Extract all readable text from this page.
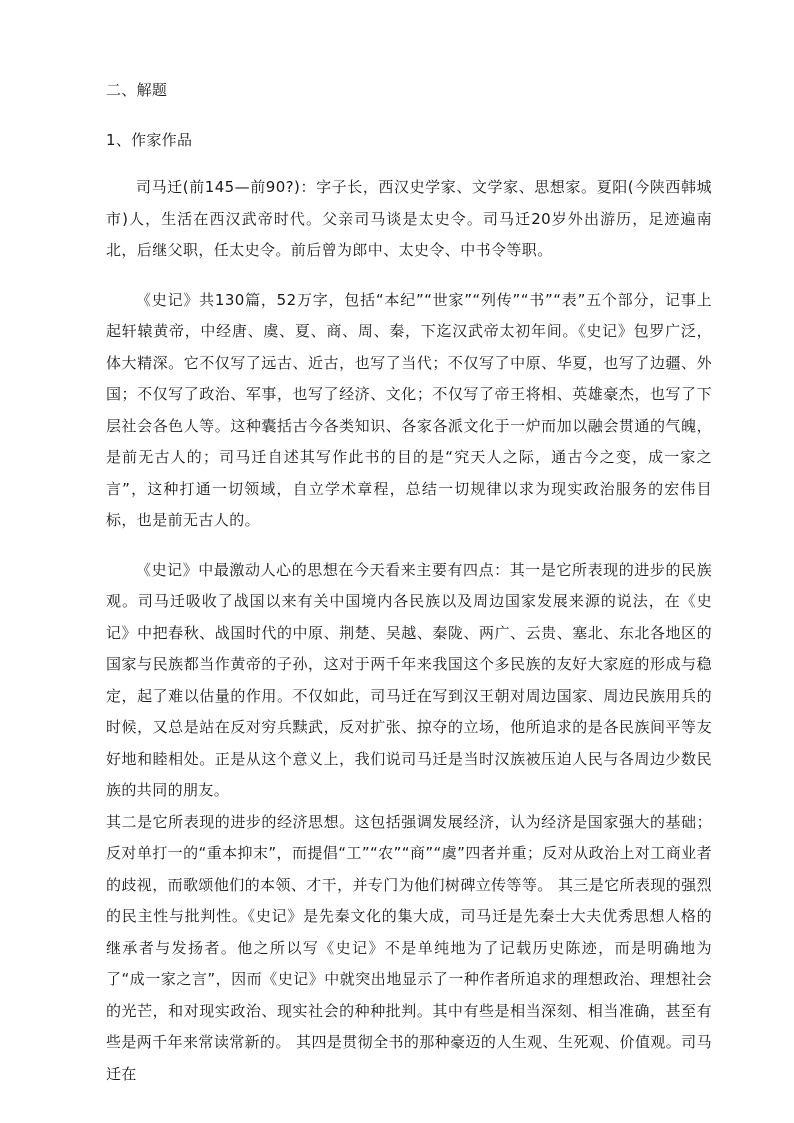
二、解题

1、作家作品

司马迁(前145—前90?)：字子长，西汉史学家、文学家、思想家。夏阳(今陕西韩城市)人，生活在西汉武帝时代。父亲司马谈是太史令。司马迁20岁外出游历，足迹遍南北，后继父职，任太史令。前后曾为郎中、太史令、中书令等职。

《史记》共130篇，52万字，包括“本纪”“世家”“列传”“书”“表”五个部分，记事上起轩辕黄帝，中经唐、虞、夏、商、周、秦，下迄汉武帝太初年间。《史记》包罗广泛，体大精深。它不仅写了远古、近古，也写了当代；不仅写了中原、华夏，也写了边疆、外国；不仅写了政治、军事，也写了经济、文化；不仅写了帝王将相、英雄豪杰，也写了下层社会各色人等。这种囊括古今各类知识、各家各派文化于一炉而加以融会贯通的气魄，是前无古人的；司马迁自述其写作此书的目的是“究天人之际，通古今之变，成一家之言”，这种打通一切领域，自立学术章程，总结一切规律以求为现实政治服务的宏伟目标，也是前无古人的。

《史记》中最激动人心的思想在今天看来主要有四点：其一是它所表现的进步的民族观。司马迁吸收了战国以来有关中国境内各民族以及周边国家发展来源的说法，在《史记》中把春秋、战国时代的中原、荆楚、吴越、秦陇、两广、云贵、塞北、东北各地区的国家与民族都当作黄帝的子孙，这对于两千年来我国这个多民族的友好大家庭的形成与稳定，起了难以估量的作用。不仅如此，司马迁在写到汉王朝对周边国家、周边民族用兵的时候，又总是站在反对穷兵黩武，反对扩张、掠夺的立场，他所追求的是各民族间平等友好地和睦相处。正是从这个意义上，我们说司马迁是当时汉族被压迫人民与各周边少数民族的共同的朋友。

其二是它所表现的进步的经济思想。这包括强调发展经济，认为经济是国家强大的基础；反对单打一的“重本抑末”，而提倡“工”“农”“商”“虞”四者并重；反对从政治上对工商业者的歧视，而歌颂他们的本领、才干，并专门为他们树碑立传等等。 其三是它所表现的强烈的民主性与批判性。《史记》是先秦文化的集大成，司马迁是先秦士大夫优秀思想人格的继承者与发扬者。他之所以写《史记》不是单纯地为了记载历史陈迹，而是明确地为了“成一家之言”，因而《史记》中就突出地显示了一种作者所追求的理想政治、理想社会的光芒，和对现实政治、现实社会的种种批判。其中有些是相当深刻、相当准确，甚至有些是两千年来常读常新的。 其四是贯彻全书的那种豪迈的人生观、生死观、价值观。司马迁在
